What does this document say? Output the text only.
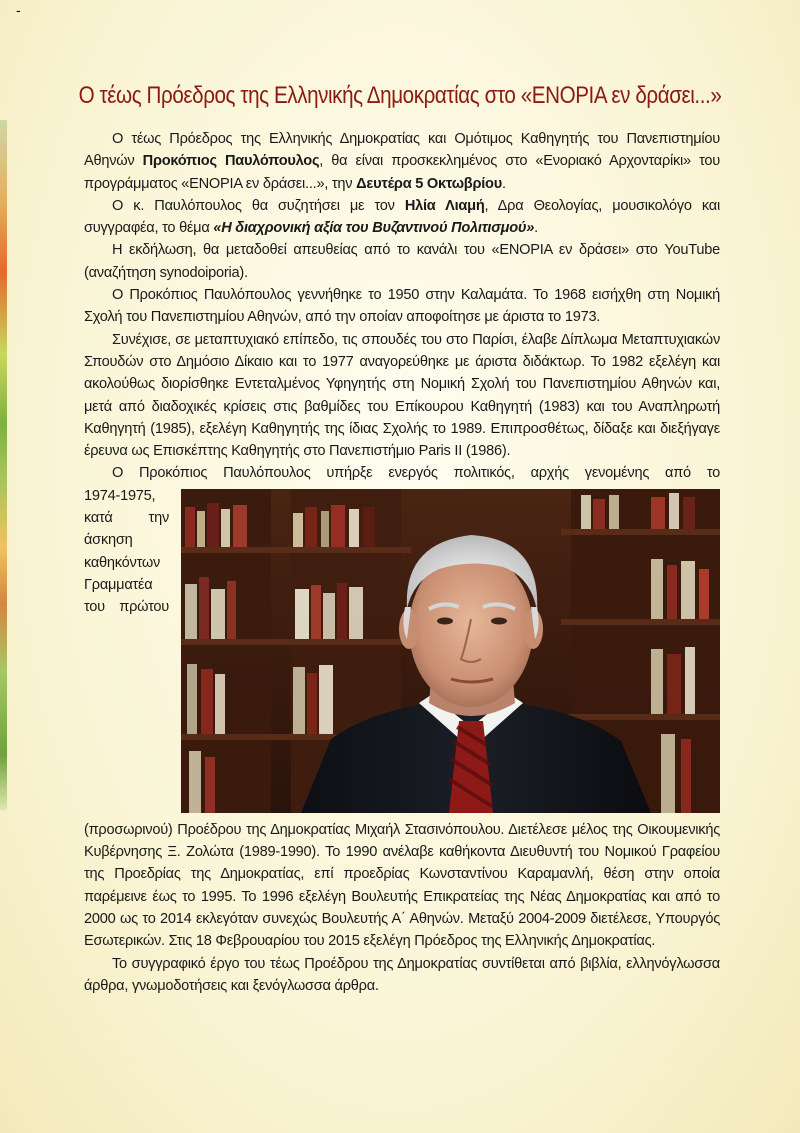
-
Ο τέως Πρόεδρος της Ελληνικής Δημοκρατίας στο «ΕΝΟΡΙΑ εν δράσει...»

Ο τέως Πρόεδρος της Ελληνικής Δημοκρατίας και Ομότιμος Καθηγητής του Πανεπιστημίου Αθηνών Προκόπιος Παυλόπουλος, θα είναι προσκεκλημένος στο «Ενοριακό Αρχονταρίκι» του προγράμματος «ΕΝΟΡΙΑ εν δράσει...», την Δευτέρα 5 Οκτωβρίου.

Ο κ. Παυλόπουλος θα συζητήσει με τον Ηλία Λιαμή, Δρα Θεολογίας, μουσικολόγο και συγγραφέα, το θέμα «Η διαχρονική αξία του Βυζαντινού Πολιτισμού».

Η εκδήλωση, θα μεταδοθεί απευθείας από το κανάλι του «ΕΝΟΡΙΑ εν δράσει» στο YouTube (αναζήτηση synodoiporia).

Ο Προκόπιος Παυλόπουλος γεννήθηκε το 1950 στην Καλαμάτα. Το 1968 εισήχθη στη Νομική Σχολή του Πανεπιστημίου Αθηνών, από την οποίαν αποφοίτησε με άριστα το 1973.

Συνέχισε, σε μεταπτυχιακό επίπεδο, τις σπουδές του στο Παρίσι, έλαβε Δίπλωμα Μεταπτυχιακών Σπουδών στο Δημόσιο Δίκαιο και το 1977 αναγορεύθηκε με άριστα διδάκτωρ. Το 1982 εξελέγη και ακολούθως διορίσθηκε Εντεταλμένος Υφηγητής στη Νομική Σχολή του Πανεπιστημίου Αθηνών και, μετά από διαδοχικές κρίσεις στις βαθμίδες του Επίκουρου Καθηγητή (1983) και του Αναπληρωτή Καθηγητή (1985), εξελέγη Καθηγητής της ίδιας Σχολής το 1989. Επιπροσθέτως, δίδαξε και διεξήγαγε έρευνα ως Επισκέπτης Καθηγητής στο Πανεπιστήμιο Paris II (1986).

Ο Προκόπιος Παυλόπουλος υπήρξε ενεργός πολιτικός, αρχής γενομένης από το

1974-1975, κατά την άσκηση καθηκόντων Γραμματέα του πρώτου (προσωρινού) Προέδρου της Δημοκρατίας Μιχαήλ Στασινόπουλου. Διετέλεσε μέλος της Οικουμενικής Κυβέρνησης Ξ. Ζολώτα (1989-1990). Το 1990 ανέλαβε καθήκοντα Διευθυντή του Νομικού Γραφείου της Προεδρίας της Δημοκρατίας, επί προεδρίας Κωνσταντίνου Καραμανλή, θέση στην οποία παρέμεινε έως το 1995. Το 1996 εξελέγη Βουλευτής Επικρατείας της Νέας Δημοκρατίας και από το 2000 ως το 2014 εκλεγόταν συνεχώς Βουλευτής Α΄ Αθηνών. Μεταξύ 2004-2009 διετέλεσε, Υπουργός Εσωτερικών. Στις 18 Φεβρουαρίου του 2015 εξελέγη Πρόεδρος της Ελληνικής Δημοκρατίας.

Το συγγραφικό έργο του τέως Προέδρου της Δημοκρατίας συντίθεται από βιβλία, ελληνόγλωσσα άρθρα, γνωμοδοτήσεις και ξενόγλωσσα άρθρα.
